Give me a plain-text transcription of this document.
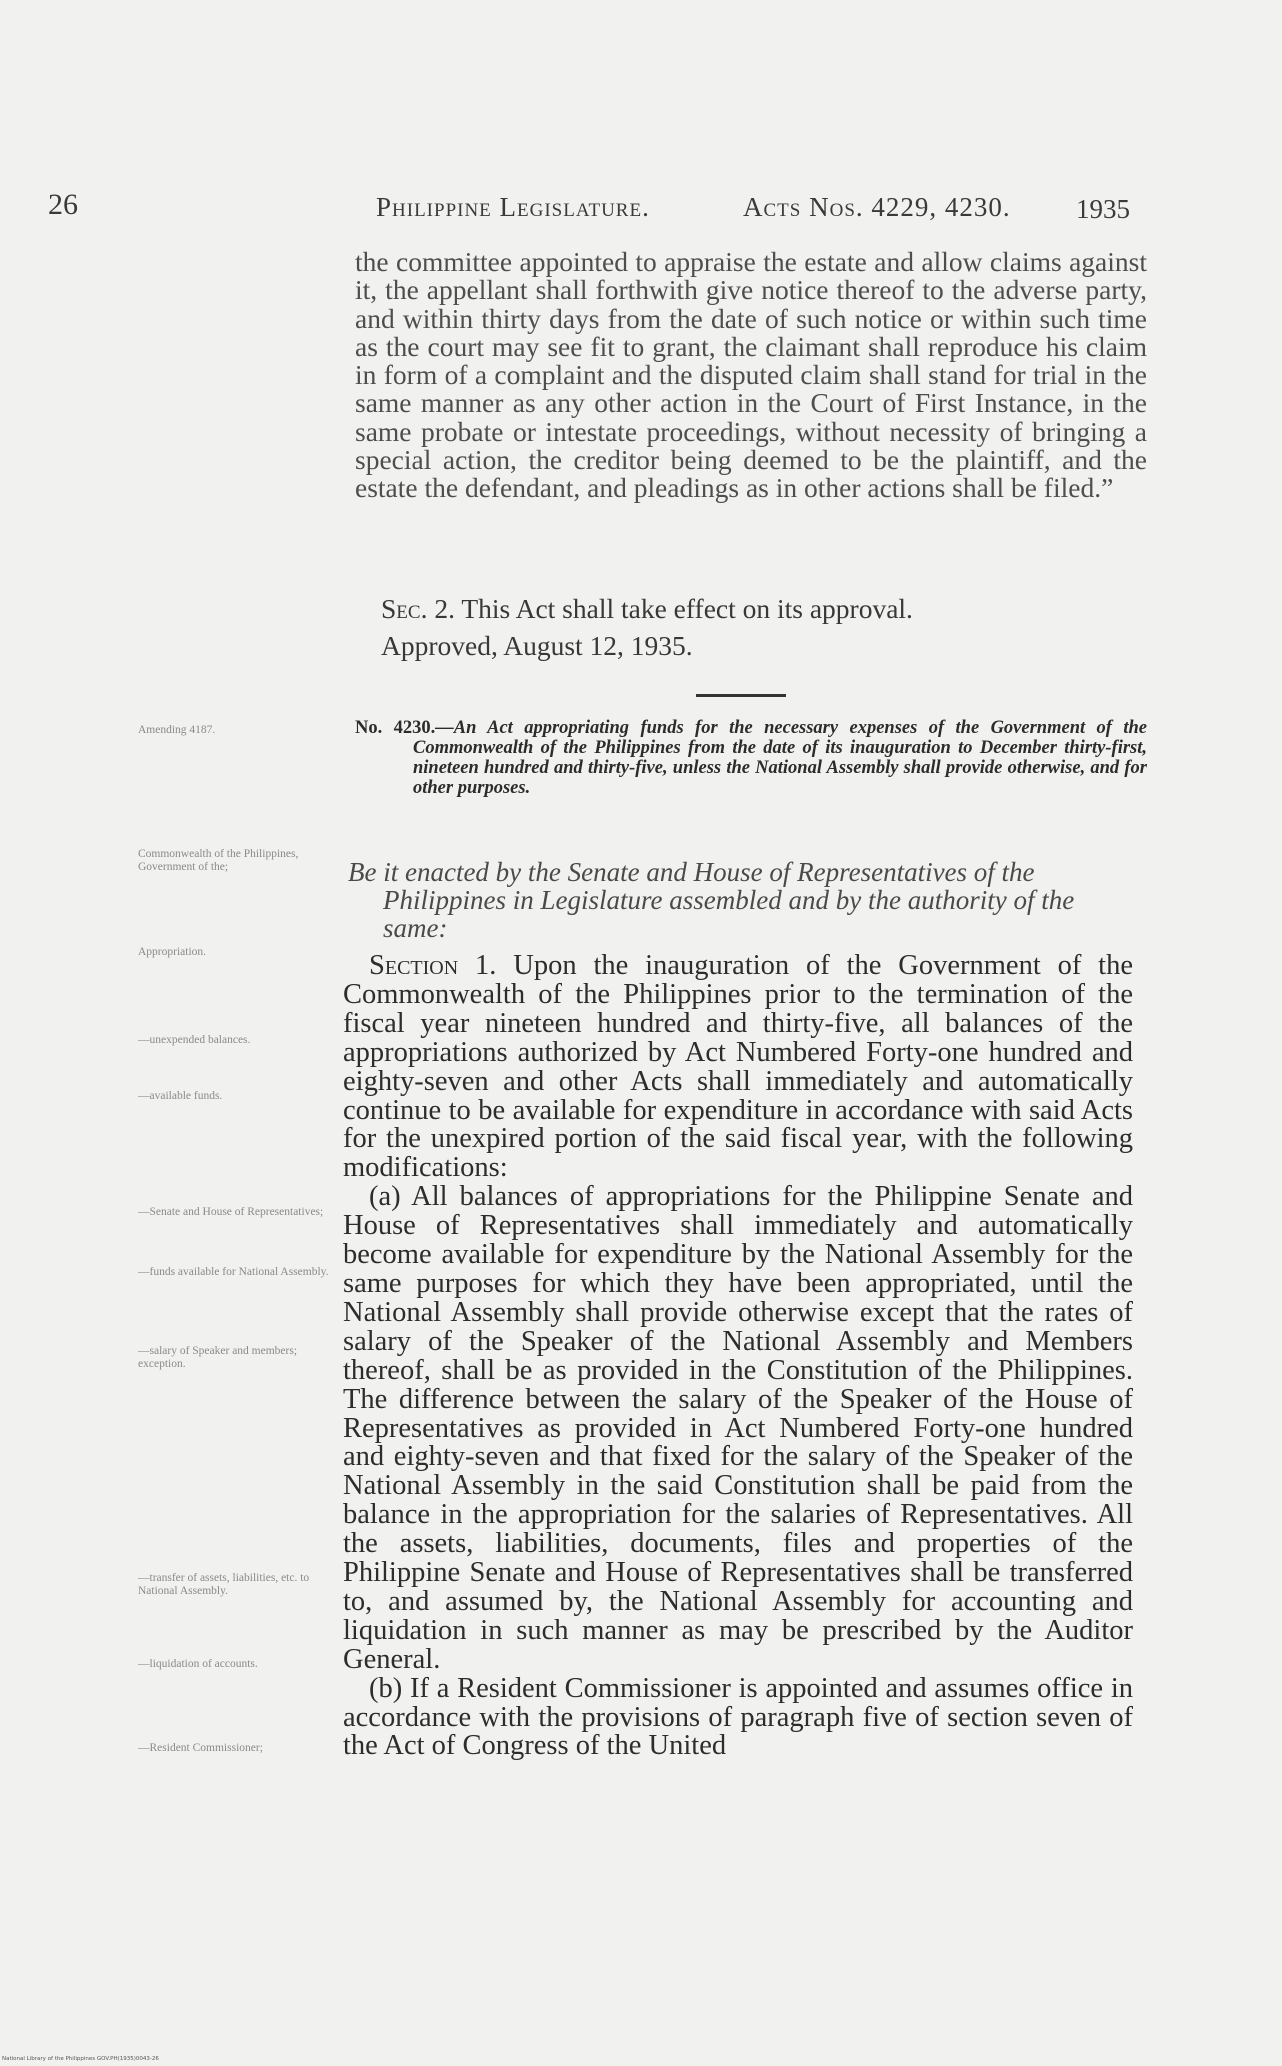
26	Philippine Legislature.	Acts Nos. 4229, 4230. 1935

the committee appointed to appraise the estate and allow claims against it, the appellant shall forthwith give notice thereof to the adverse party, and within thirty days from the date of such notice or within such time as the court may see fit to grant, the claimant shall reproduce his claim in form of a complaint and the disputed claim shall stand for trial in the same manner as any other action in the Court of First Instance, in the same probate or intestate proceedings, without necessity of bringing a special action, the creditor being deemed to be the plaintiff, and the estate the defendant, and pleadings as in other actions shall be filed.”

Sec. 2. This Act shall take effect on its approval.

Approved, August 12, 1935.

No. 4230.—An Act appropriating funds for the necessary expenses of the Government of the Commonwealth of the Philippines from the date of its inauguration to December thirty-first, nineteen hundred and thirty-five, unless the National Assembly shall provide otherwise, and for other purposes.
Be it enacted by the Senate and House of Representatives of the Philippines in Legislature assembled and by the authority of the same:

Section 1. Upon the inauguration of the Government of the Commonwealth of the Philippines prior to the termination of the fiscal year nineteen hundred and thirty-five, all balances of the appropriations authorized by Act Numbered Forty-one hundred and eighty-seven and other Acts shall immediately and automatically continue to be available for expenditure in accordance with said Acts for the unexpired portion of the said fiscal year, with the following modifications:

(a) All balances of appropriations for the Philippine Senate and House of Representatives shall immediately and automatically become available for expenditure by the National Assembly for the same purposes for which they have been appropriated, until the National Assembly shall provide otherwise except that the rates of salary of the Speaker of the National Assembly and Members thereof, shall be as provided in the Constitution of the Philippines. The difference between the salary of the Speaker of the House of Representatives as provided in Act Numbered Forty-one hundred and eighty-seven and that fixed for the salary of the Speaker of the National Assembly in the said Constitution shall be paid from the balance in the appropriation for the salaries of Representatives. All the assets, liabilities, documents, files and properties of the Philippine Senate and House of Representatives shall be transferred to, and assumed by, the National Assembly for accounting and liquidation in such manner as may be prescribed by the Auditor General.

(b) If a Resident Commissioner is appointed and assumes office in accordance with the provisions of paragraph five of section seven of the Act of Congress of the United

Amending 4187.
Commonwealth of the Philippines, Government of the;
Appropriation.
—unexpended balances.
—available funds.
—Senate and House of Representatives;
—funds available for National Assembly.
—salary of Speaker and members; exception.
—transfer of assets, liabilities, etc. to National Assembly.
—liquidation of accounts.
—Resident Commissioner;
National Library of the Philippines GOV.PH(1935)0043-26
